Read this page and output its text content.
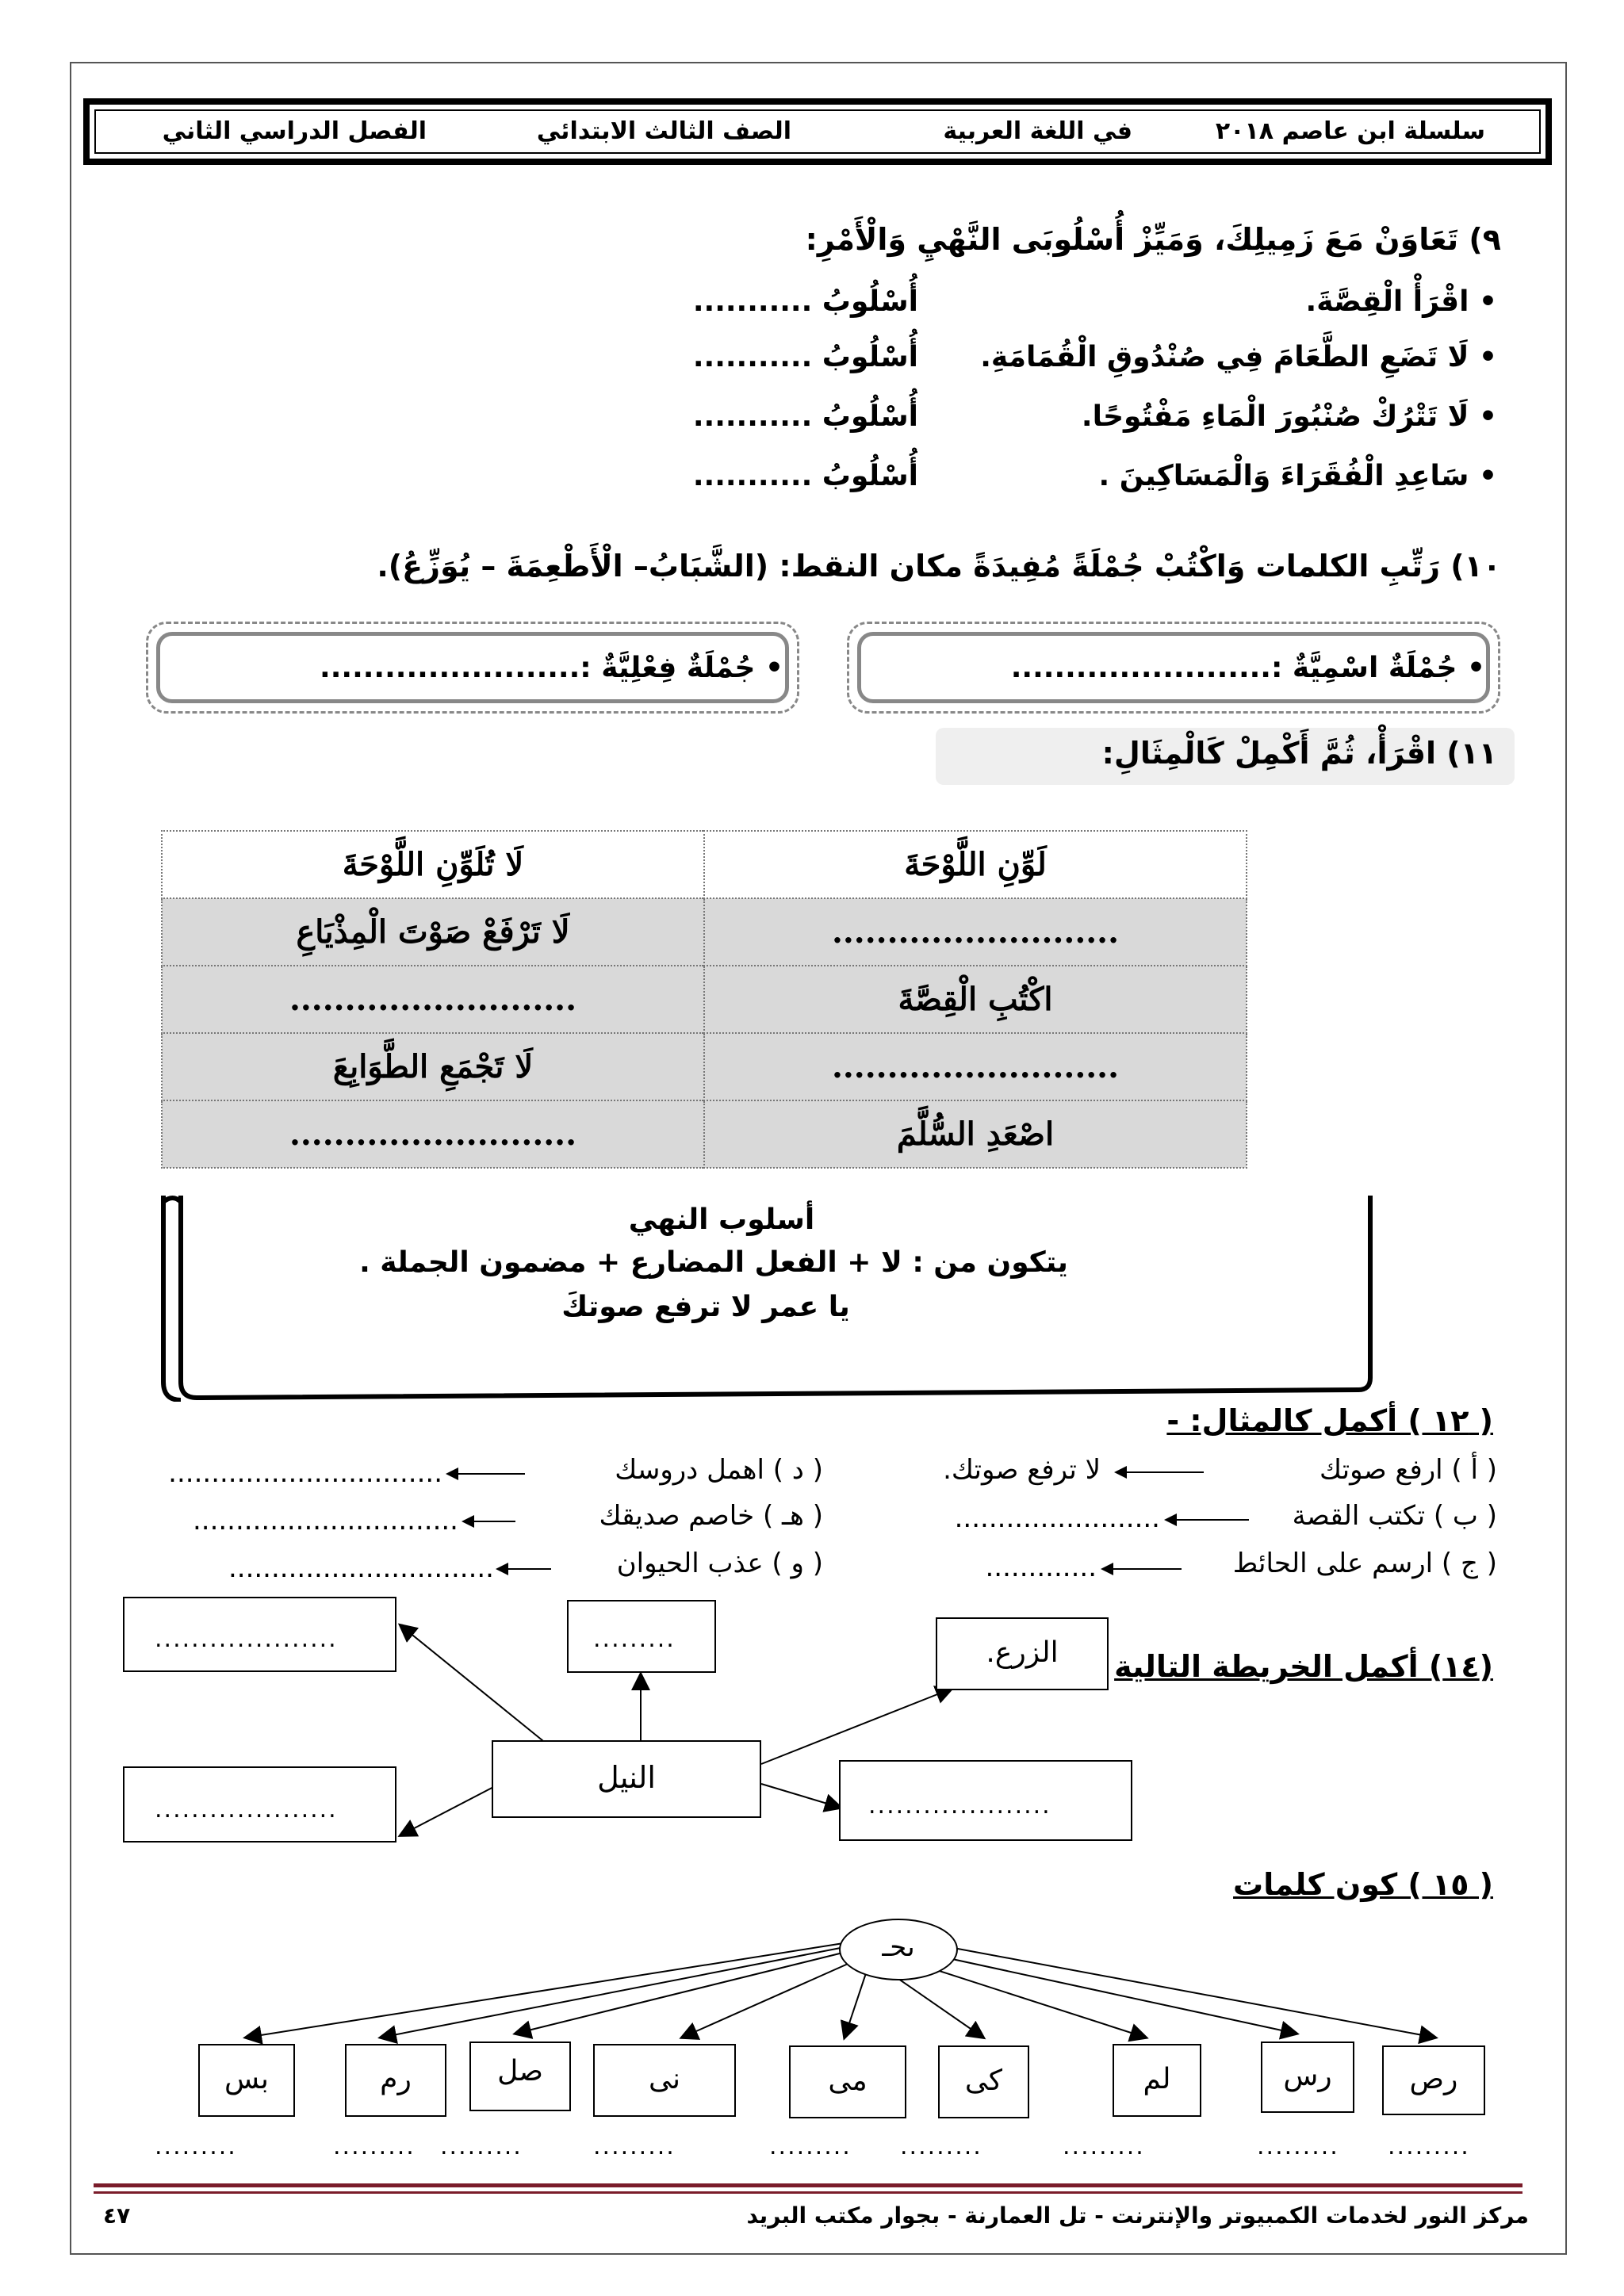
سلسلة ابن عاصم ٢٠١٨
في اللغة العربية
الصف الثالث الابتدائي
الفصل الدراسي الثاني
٩) تَعَاوَنْ مَعَ زَمِيلِكَ، وَمَيِّزْ أُسْلُوبَى النَّهْيِ وَالْأَمْرِ:
• اقْرَأْ الْقِصَّةَ.
أُسْلُوبُ ...........
• لَا تَضَعِ الطَّعَامَ فِي صُنْدُوقِ الْقُمَامَةِ.
أُسْلُوبُ ...........
• لَا تَتْرُكْ صُنْبُورَ الْمَاءِ مَفْتُوحًا.
أُسْلُوبُ ...........
• سَاعِدِ الْفُقَرَاءَ وَالْمَسَاكِينَ .
أُسْلُوبُ ...........
١٠) رَتِّبِ الكلمات وَاكْتُبْ جُمْلَةً مُفِيدَةً مكان النقط: (الشَّبَابُ– الْأَطْعِمَةَ – يُوَزِّعُ).
• جُمْلَةٌ اسْمِيَّةٌ :........................
• جُمْلَةٌ فِعْلِيَّةٌ :........................
١١) اقْرَأْ، ثُمَّ أَكْمِلْ كَالْمِثَالِ:
لَوِّنِ اللَّوْحَةَ	لَا تُلَوِّنِ اللَّوْحَةَ
..........................	لَا تَرْفَعْ صَوْتَ الْمِذْيَاعِ
اكْتُبِ الْقِصَّةَ	..........................
..........................	لَا تَجْمَعِ الطَّوَابِعَ
اصْعَدِ السُّلَّمَ	..........................
أسلوب النهي
يتكون من : لا + الفعل المضارع + مضمون الجملة .
يا عمر لا ترفع صوتكَ
( ١٢ ) أكمل كالمثال: -
( أ ) ارفع صوتك
لا ترفع صوتك.
( ب ) تكتب القصة
........................
( ج ) ارسم على الحائط
.............
( د ) اهمل دروسك
................................
( هـ ) خاصم صديقك
...............................
( و ) عذب الحيوان
...............................
(١٤) أكمل الخريطة التالية
....................	.........	الزرع.
النيل
....................	....................
( ١٥ ) كون كلمات
ىحـ
رص
رس
لم
كى
مى
نى
صل
رم
بس
.........
.........
.........
.........
.........
.........
.........
.........
.........
مركز النور لخدمات الكمبيوتر والإنترنت - تل العمارنة - بجوار مكتب البريد
٤٧
